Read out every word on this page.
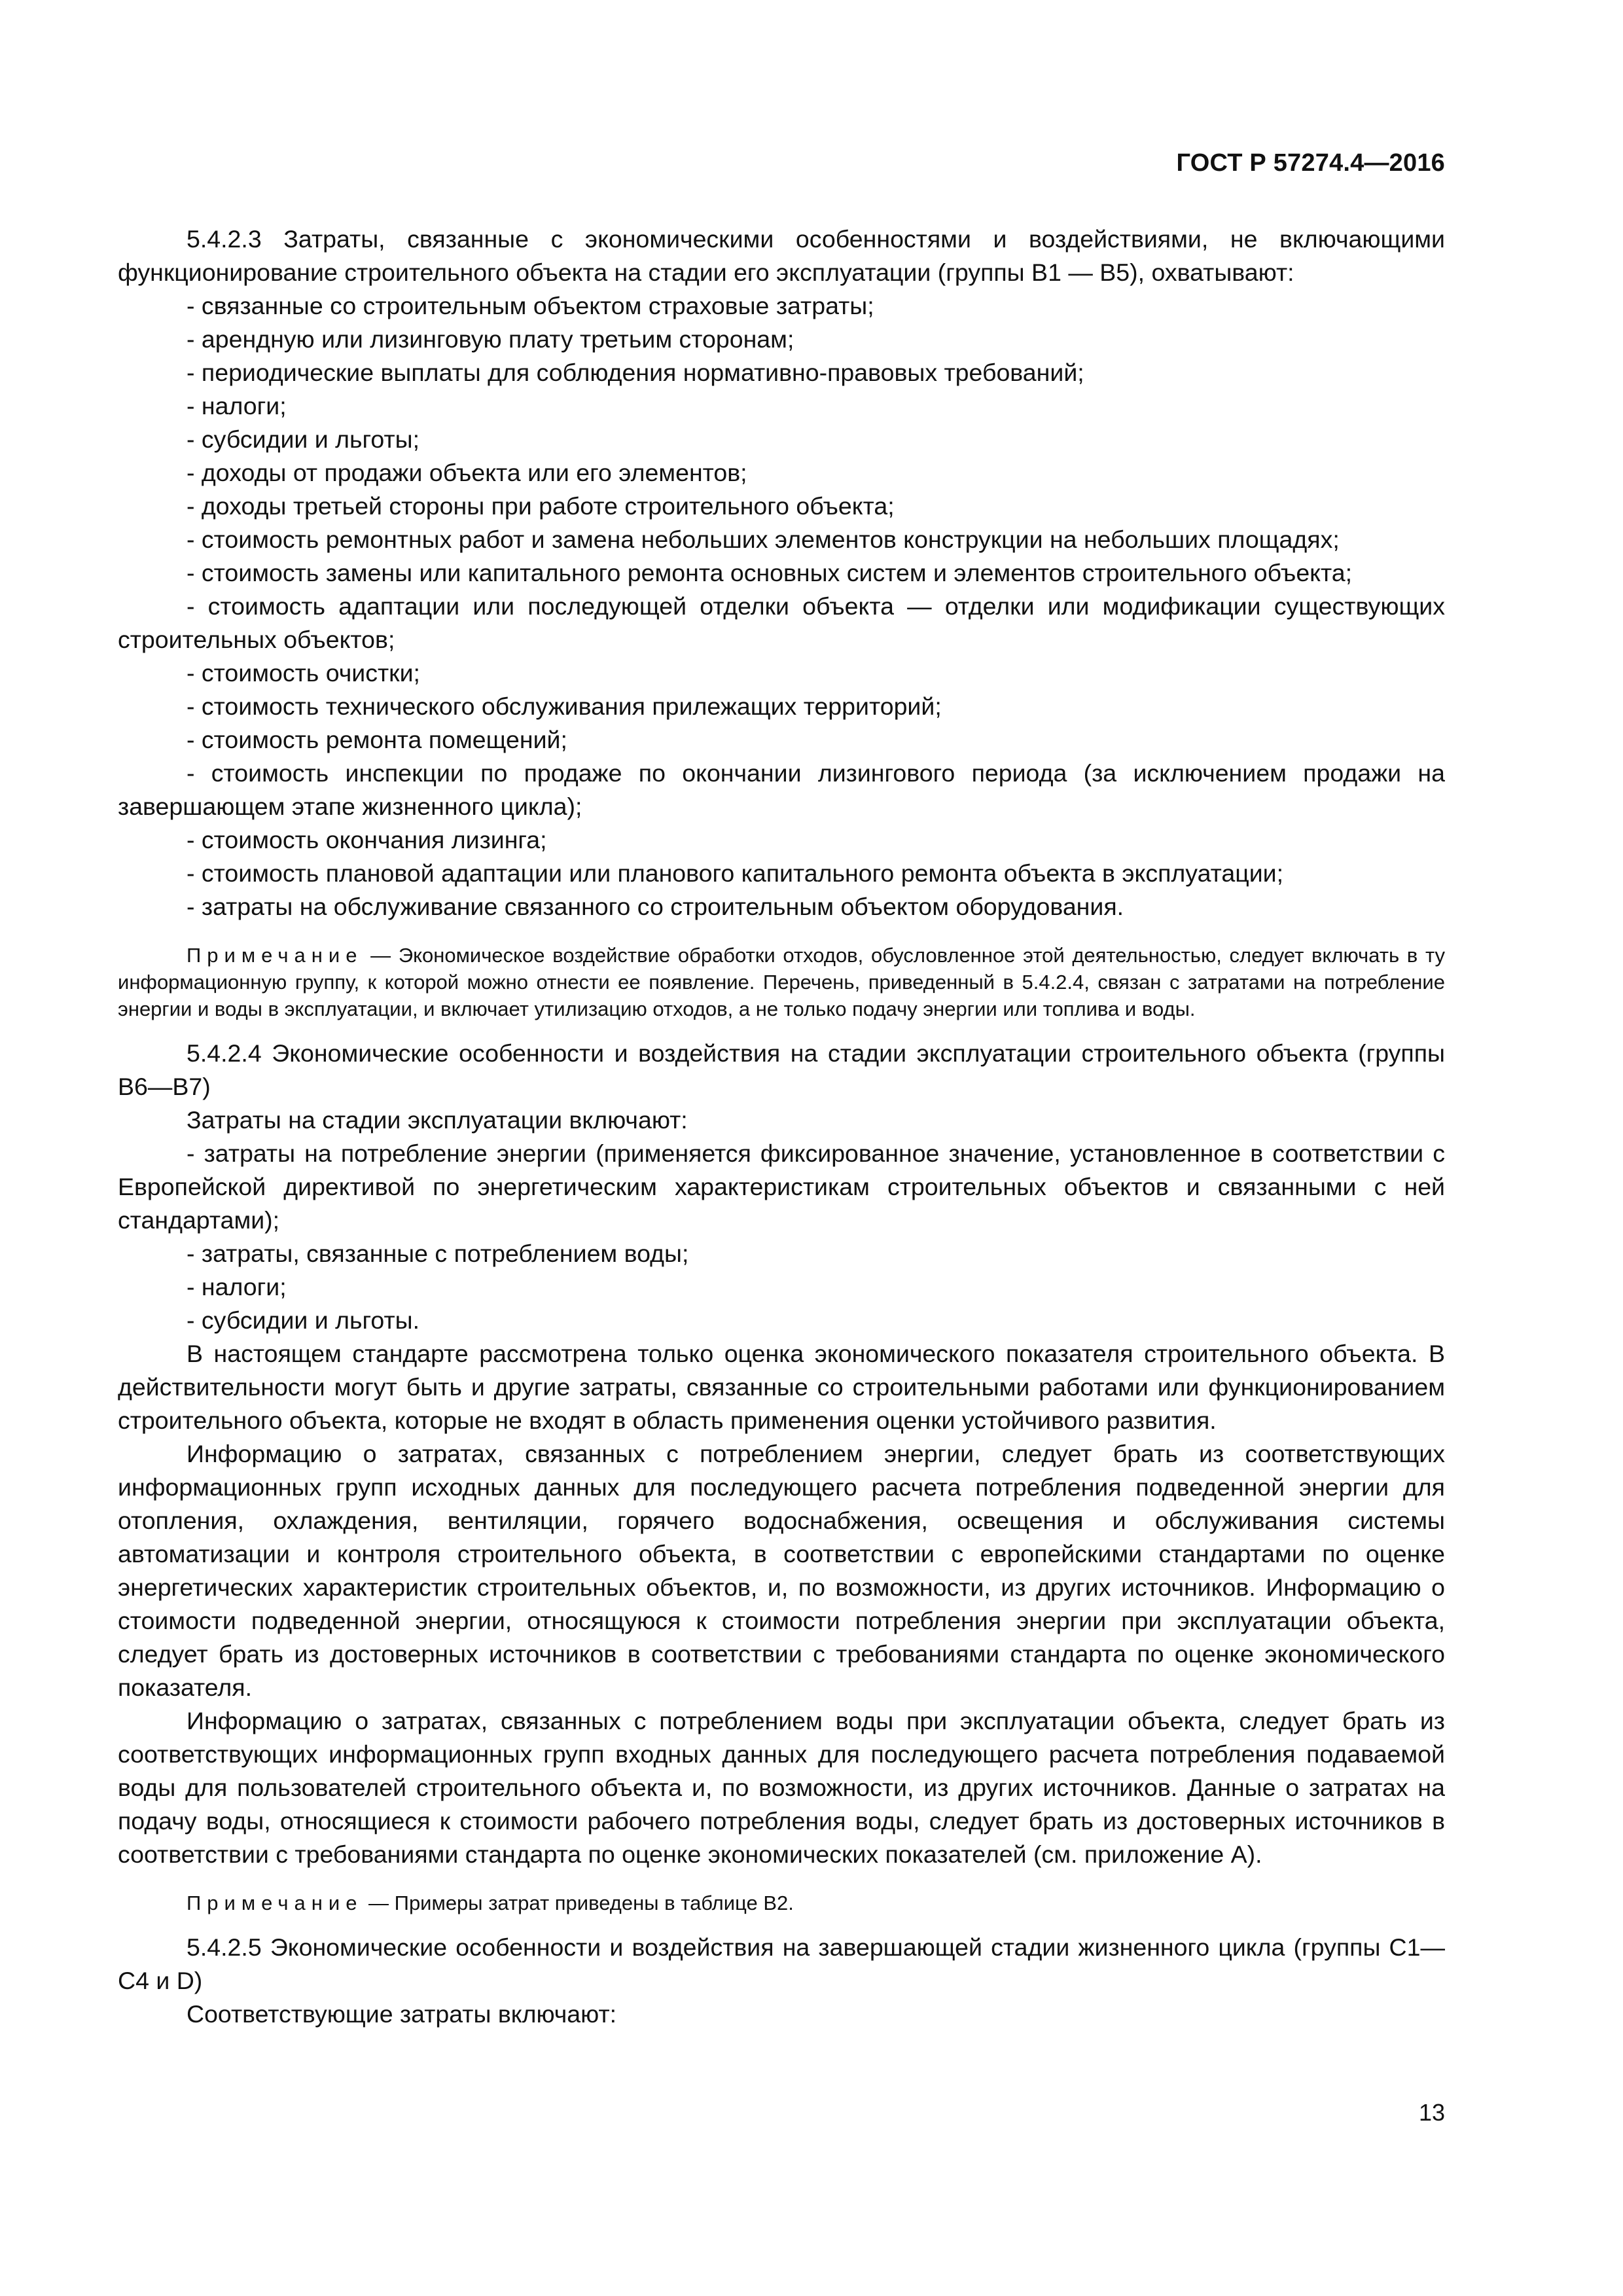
ГОСТ Р 57274.4—2016

5.4.2.3 Затраты, связанные с экономическими особенностями и воздействиями, не включающими функционирование строительного объекта на стадии его эксплуатации (группы В1 — В5), охватывают:

- связанные со строительным объектом страховые затраты;

- арендную или лизинговую плату третьим сторонам;

- периодические выплаты для соблюдения нормативно-правовых требований;

- налоги;

- субсидии и льготы;

- доходы от продажи объекта или его элементов;

- доходы третьей стороны при работе строительного объекта;

- стоимость ремонтных работ и замена небольших элементов конструкции на небольших площадях;

- стоимость замены или капитального ремонта основных систем и элементов строительного объекта;

- стоимость адаптации или последующей отделки объекта — отделки или модификации существующих строительных объектов;

- стоимость очистки;

- стоимость технического обслуживания прилежащих территорий;

- стоимость ремонта помещений;

- стоимость инспекции по продаже по окончании лизингового периода (за исключением продажи на завершающем этапе жизненного цикла);

- стоимость окончания лизинга;

- стоимость плановой адаптации или планового капитального ремонта объекта в эксплуатации;

- затраты на обслуживание связанного со строительным объектом оборудования.

Примечание — Экономическое воздействие обработки отходов, обусловленное этой деятельностью, следует включать в ту информационную группу, к которой можно отнести ее появление. Перечень, приведенный в 5.4.2.4, связан с затратами на потребление энергии и воды в эксплуатации, и включает утилизацию отходов, а не только подачу энергии или топлива и воды.

5.4.2.4 Экономические особенности и воздействия на стадии эксплуатации строительного объекта (группы В6—В7)

Затраты на стадии эксплуатации включают:

- затраты на потребление энергии (применяется фиксированное значение, установленное в соответствии с Европейской директивой по энергетическим характеристикам строительных объектов и связанными с ней стандартами);

- затраты, связанные с потреблением воды;

- налоги;

- субсидии и льготы.

В настоящем стандарте рассмотрена только оценка экономического показателя строительного объекта. В действительности могут быть и другие затраты, связанные со строительными работами или функционированием строительного объекта, которые не входят в область применения оценки устойчивого развития.

Информацию о затратах, связанных с потреблением энергии, следует брать из соответствующих информационных групп исходных данных для последующего расчета потребления подведенной энергии для отопления, охлаждения, вентиляции, горячего водоснабжения, освещения и обслуживания системы автоматизации и контроля строительного объекта, в соответствии с европейскими стандартами по оценке энергетических характеристик строительных объектов, и, по возможности, из других источников. Информацию о стоимости подведенной энергии, относящуюся к стоимости потребления энергии при эксплуатации объекта, следует брать из достоверных источников в соответствии с требованиями стандарта по оценке экономического показателя.

Информацию о затратах, связанных с потреблением воды при эксплуатации объекта, следует брать из соответствующих информационных групп входных данных для последующего расчета потребления подаваемой воды для пользователей строительного объекта и, по возможности, из других источников. Данные о затратах на подачу воды, относящиеся к стоимости рабочего потребления воды, следует брать из достоверных источников в соответствии с требованиями стандарта по оценке экономических показателей (см. приложение А).

Примечание — Примеры затрат приведены в таблице В2.

5.4.2.5 Экономические особенности и воздействия на завершающей стадии жизненного цикла (группы С1—С4 и D)

Соответствующие затраты включают:

13
